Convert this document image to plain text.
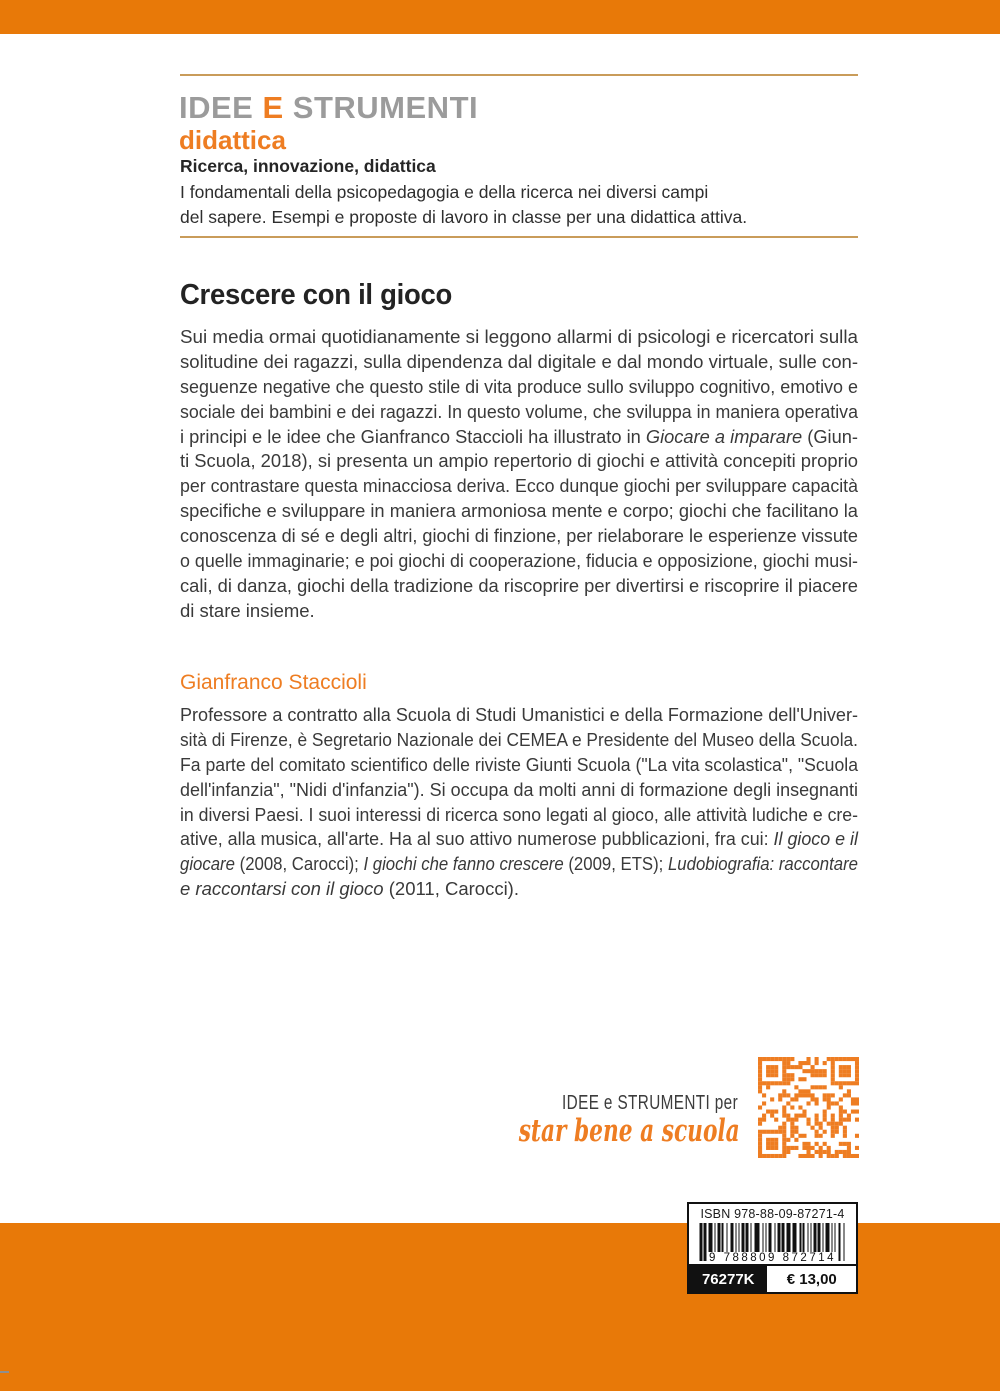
IDEE E STRUMENTI
didattica
Ricerca, innovazione, didattica
I fondamentali della psicopedagogia e della ricerca nei diversi campi
del sapere. Esempi e proposte di lavoro in classe per una didattica attiva.
Crescere con il gioco
Sui media ormai quotidianamente si leggono allarmi di psicologi e ricercatori sulla
solitudine dei ragazzi, sulla dipendenza dal digitale e dal mondo virtuale, sulle con-
seguenze negative che questo stile di vita produce sullo sviluppo cognitivo, emotivo e
sociale dei bambini e dei ragazzi. In questo volume, che sviluppa in maniera operativa
i principi e le idee che Gianfranco Staccioli ha illustrato in Giocare a imparare (Giun-
ti Scuola, 2018), si presenta un ampio repertorio di giochi e attività concepiti proprio
per contrastare questa minacciosa deriva. Ecco dunque giochi per sviluppare capacità
specifiche e sviluppare in maniera armoniosa mente e corpo; giochi che facilitano la
conoscenza di sé e degli altri, giochi di finzione, per rielaborare le esperienze vissute
o quelle immaginarie; e poi giochi di cooperazione, fiducia e opposizione, giochi musi-
cali, di danza, giochi della tradizione da riscoprire per divertirsi e riscoprire il piacere
di stare insieme.
Gianfranco Staccioli
Professore a contratto alla Scuola di Studi Umanistici e della Formazione dell'Univer-
sità di Firenze, è Segretario Nazionale dei CEMEA e Presidente del Museo della Scuola.
Fa parte del comitato scientifico delle riviste Giunti Scuola ("La vita scolastica", "Scuola
dell'infanzia", "Nidi d'infanzia"). Si occupa da molti anni di formazione degli insegnanti
in diversi Paesi. I suoi interessi di ricerca sono legati al gioco, alle attività ludiche e cre-
ative, alla musica, all'arte. Ha al suo attivo numerose pubblicazioni, fra cui: Il gioco e il
giocare (2008, Carocci); I giochi che fanno crescere (2009, ETS); Ludobiografia: raccontare
e raccontarsi con il gioco (2011, Carocci).
IDEE e STRUMENTI per
star bene a scuola
ISBN 978-88-09-87271-4
9 788809 872714
76277K	€ 13,00
